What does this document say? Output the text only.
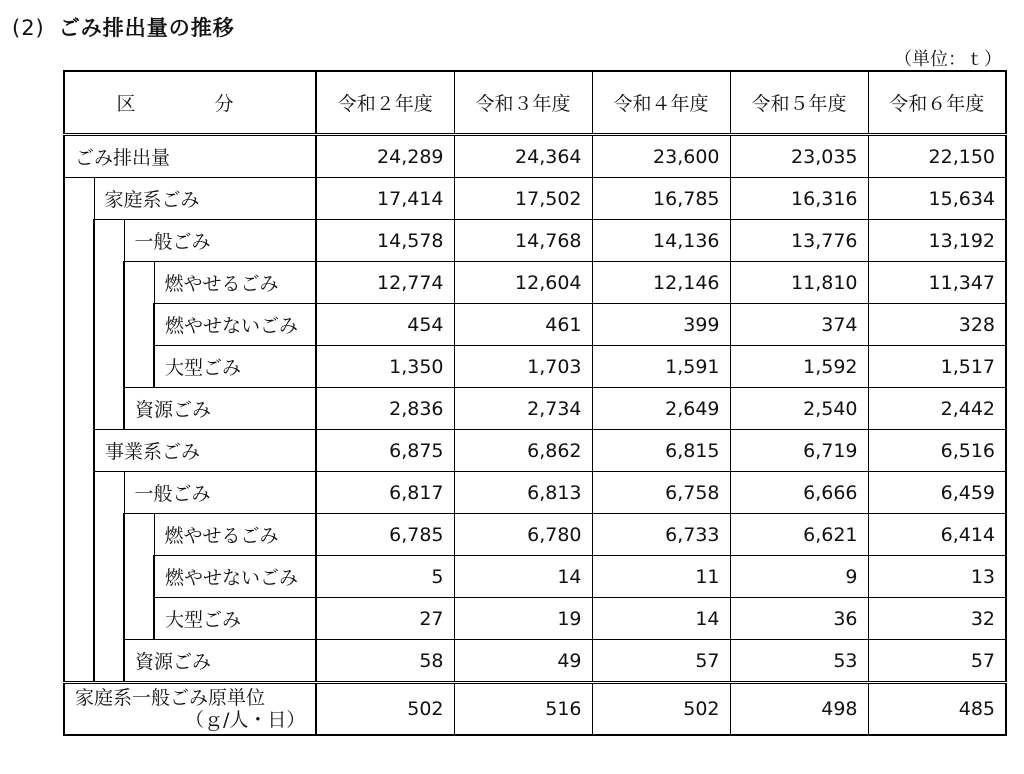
(2) ごみ排出量の推移
（単位：ｔ）
区　分				令和２年度	令和３年度	令和４年度	令和５年度	令和６年度
ごみ排出量				24,289	24,364	23,600	23,035	22,150
	家庭系ごみ			17,414	17,502	16,785	16,316	15,634
		一般ごみ		14,578	14,768	14,136	13,776	13,192
			燃やせるごみ	12,774	12,604	12,146	11,810	11,347
			燃やせないごみ	454	461	399	374	328
			大型ごみ	1,350	1,703	1,591	1,592	1,517
		資源ごみ		2,836	2,734	2,649	2,540	2,442
	事業系ごみ			6,875	6,862	6,815	6,719	6,516
		一般ごみ		6,817	6,813	6,758	6,666	6,459
			燃やせるごみ	6,785	6,780	6,733	6,621	6,414
			燃やせないごみ	5	14	11	9	13
			大型ごみ	27	19	14	36	32
		資源ごみ		58	49	57	53	57
家庭系一般ごみ原単位
（ｇ/人・日）				502	516	502	498	485
